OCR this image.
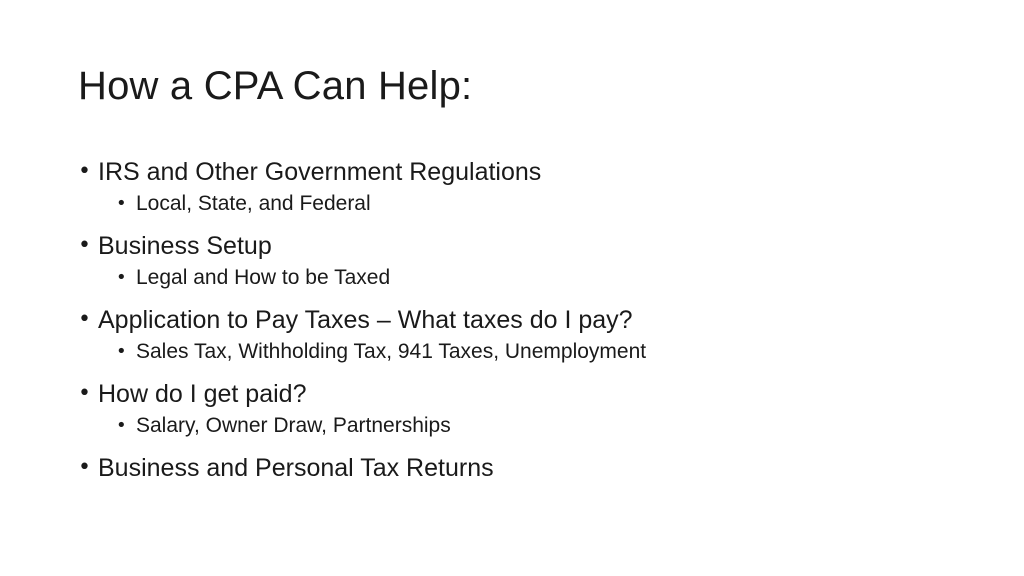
How a CPA Can Help:
• IRS and Other Government Regulations
• Local, State, and Federal
• Business Setup
• Legal and How to be Taxed
• Application to Pay Taxes – What taxes do I pay?
• Sales Tax, Withholding Tax, 941 Taxes, Unemployment
• How do I get paid?
• Salary, Owner Draw, Partnerships
• Business and Personal Tax Returns
